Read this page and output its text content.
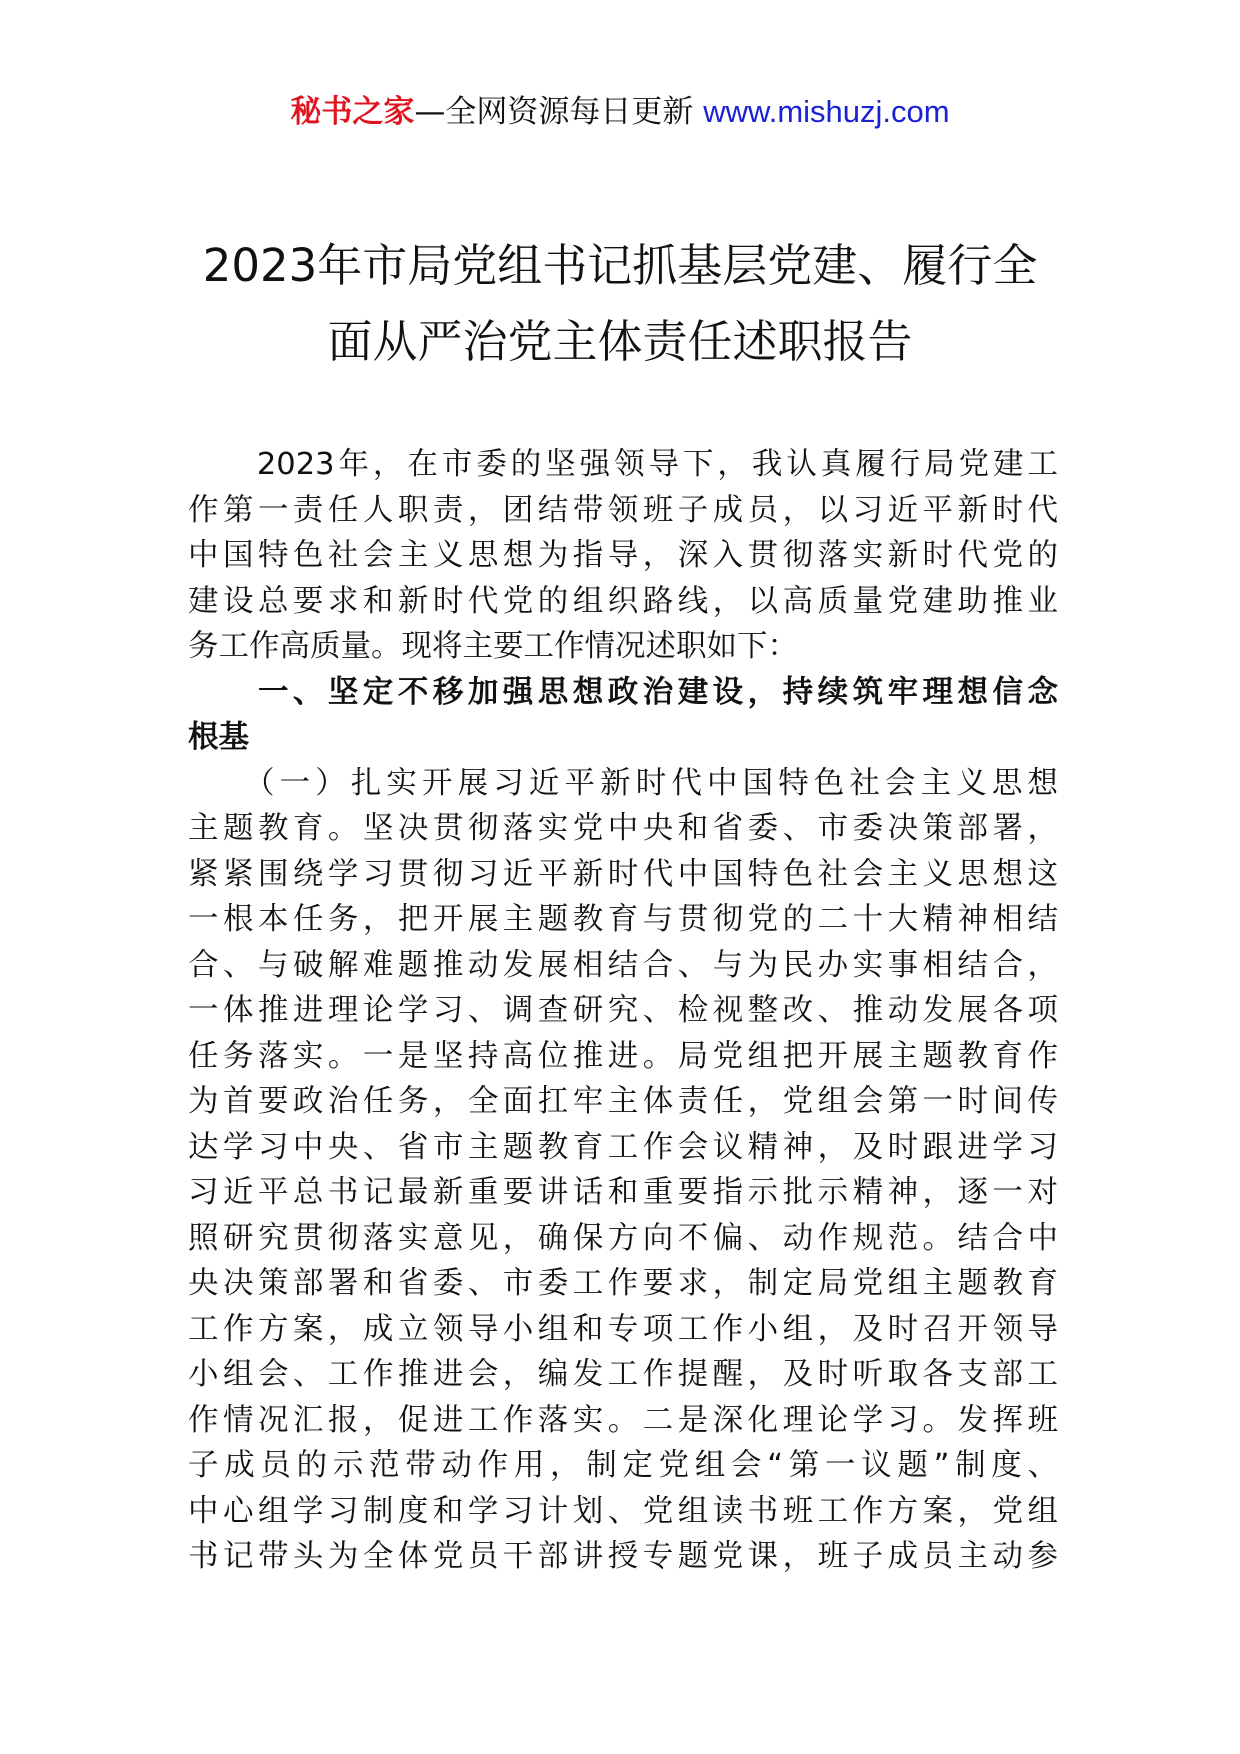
秘书之家—全网资源每日更新 www.mishuzj.com
2023年市局党组书记抓基层党建、履行全
面从严治党主体责任述职报告
　　2023年，在市委的坚强领导下，我认真履行局党建工
作第一责任人职责，团结带领班子成员，以习近平新时代
中国特色社会主义思想为指导，深入贯彻落实新时代党的
建设总要求和新时代党的组织路线，以高质量党建助推业
务工作高质量。现将主要工作情况述职如下：
　　一、坚定不移加强思想政治建设，持续筑牢理想信念
根基
　　（一）扎实开展习近平新时代中国特色社会主义思想
主题教育。坚决贯彻落实党中央和省委、市委决策部署，
紧紧围绕学习贯彻习近平新时代中国特色社会主义思想这
一根本任务，把开展主题教育与贯彻党的二十大精神相结
合、与破解难题推动发展相结合、与为民办实事相结合，
一体推进理论学习、调查研究、检视整改、推动发展各项
任务落实。一是坚持高位推进。局党组把开展主题教育作
为首要政治任务，全面扛牢主体责任，党组会第一时间传
达学习中央、省市主题教育工作会议精神，及时跟进学习
习近平总书记最新重要讲话和重要指示批示精神，逐一对
照研究贯彻落实意见，确保方向不偏、动作规范。结合中
央决策部署和省委、市委工作要求，制定局党组主题教育
工作方案，成立领导小组和专项工作小组，及时召开领导
小组会、工作推进会，编发工作提醒，及时听取各支部工
作情况汇报，促进工作落实。二是深化理论学习。发挥班
子成员的示范带动作用，制定党组会“第一议题”制度、
中心组学习制度和学习计划、党组读书班工作方案，党组
书记带头为全体党员干部讲授专题党课，班子成员主动参
